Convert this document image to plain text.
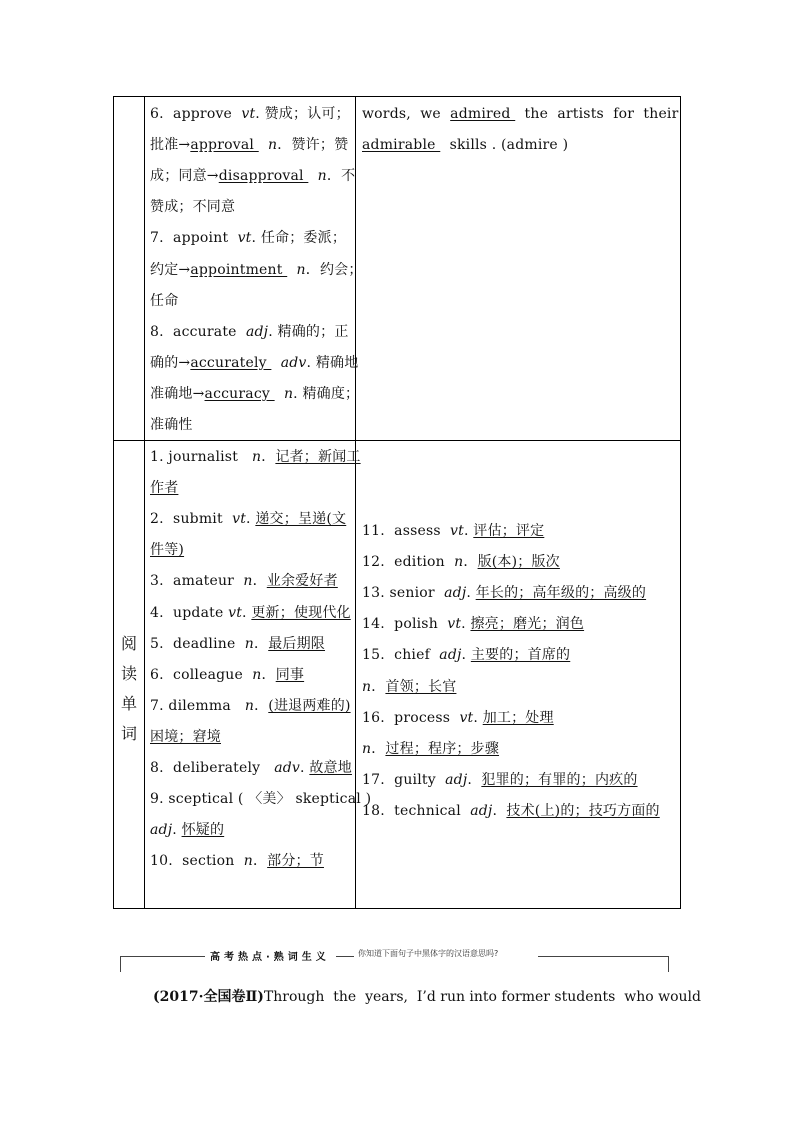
6.  approve  vt. 赞成；认可；
批准→approval   n．赞许；赞
成；同意→disapproval   n．不
赞成；不同意
7.  appoint  vt. 任命；委派；
约定→appointment   n．约会；
任命
8.  accurate  adj. 精确的；正
确的→accurately   adv. 精确地
准确地→accuracy   n. 精确度；
准确性
words,  we  admired   the  artists  for  their
admirable   skills . (admire )
阅
读
单
词
1. journalist   n．记者；新闻工
作者
2.  submit  vt. 递交；呈递(文
件等)
3.  amateur  n．业余爱好者
4.  update vt. 更新；使现代化
5.  deadline  n．最后期限
6.  colleague  n．同事
7. dilemma   n．(进退两难的)
困境；窘境
8.  deliberately   adv. 故意地
9. sceptical ( 〈美〉 skeptical )
adj. 怀疑的
10.  section  n．部分；节
11.  assess  vt. 评估；评定
12.  edition  n．版(本)；版次
13. senior  adj. 年长的；高年级的；高级的
14.  polish  vt. 擦亮；磨光；润色
15.  chief  adj. 主要的；首席的
n．首领；长官
16.  process  vt. 加工；处理
n．过程；程序；步骤
17.  guilty  adj.  犯罪的；有罪的；内疚的
18.  technical  adj.  技术(上)的；技巧方面的
高考热点·熟词生义	你知道下面句子中黑体字的汉语意思吗?
(2017·全国卷Ⅱ) Through  the  years,  I’d run into former students  who would
